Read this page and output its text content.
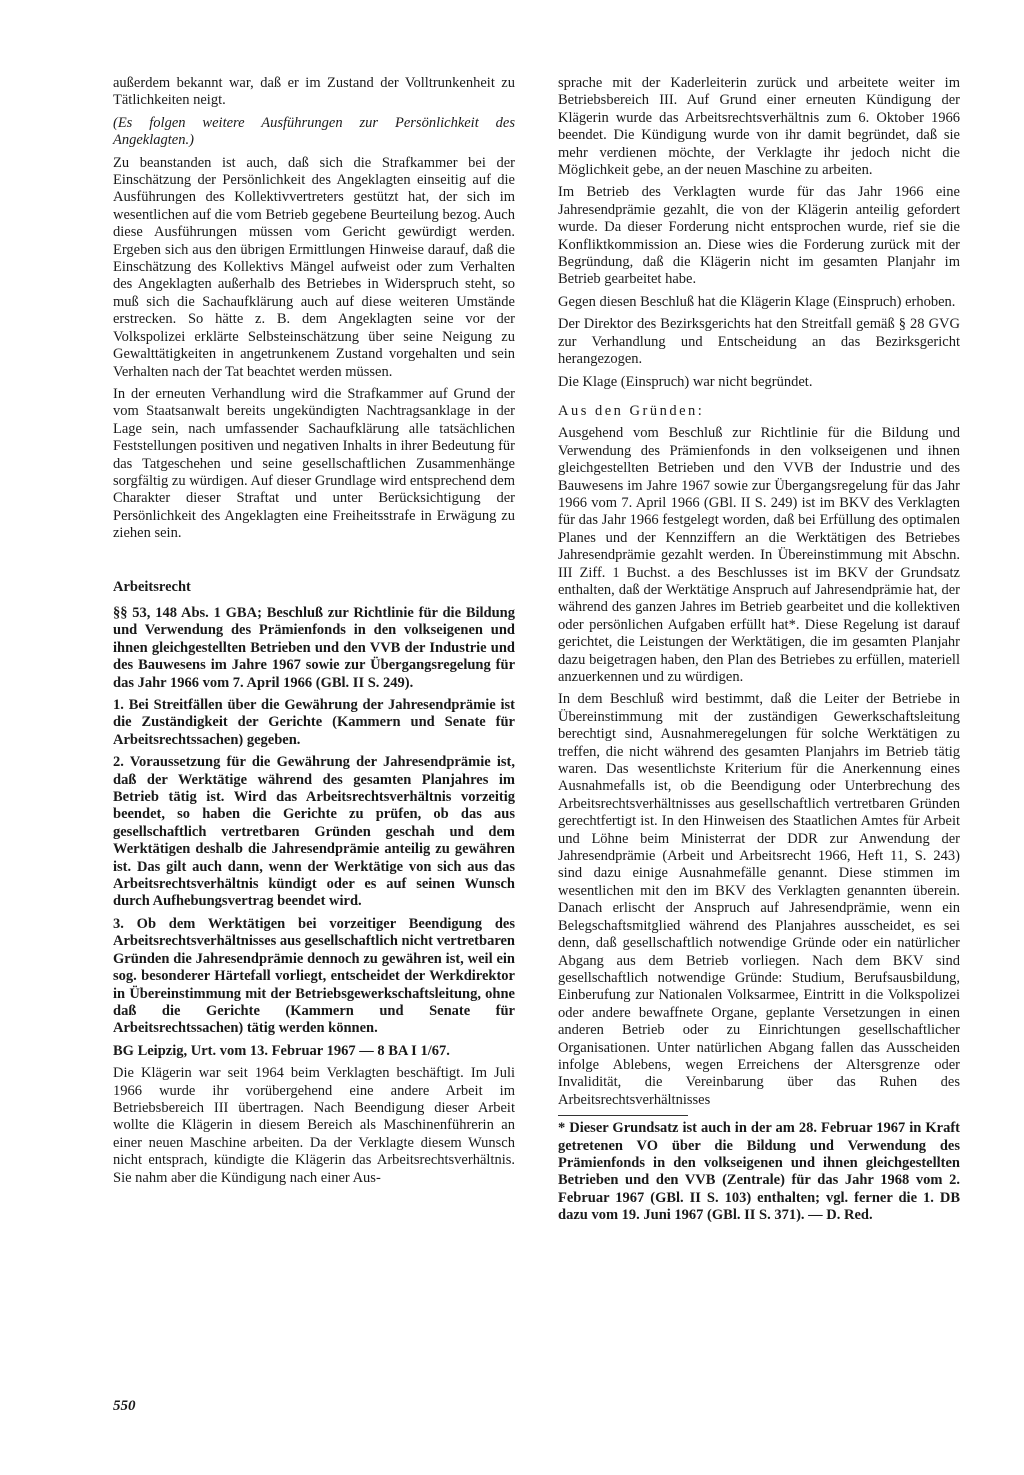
außerdem bekannt war, daß er im Zustand der Volltrunkenheit zu Tätlichkeiten neigt.

(Es folgen weitere Ausführungen zur Persönlichkeit des Angeklagten.)

Zu beanstanden ist auch, daß sich die Strafkammer bei der Einschätzung der Persönlichkeit des Angeklagten einseitig auf die Ausführungen des Kollektivvertreters gestützt hat, der sich im wesentlichen auf die vom Betrieb gegebene Beurteilung bezog. Auch diese Ausführungen müssen vom Gericht gewürdigt werden. Ergeben sich aus den übrigen Ermittlungen Hinweise darauf, daß die Einschätzung des Kollektivs Mängel aufweist oder zum Verhalten des Angeklagten außerhalb des Betriebes in Widerspruch steht, so muß sich die Sachaufklärung auch auf diese weiteren Umstände erstrecken. So hätte z. B. dem Angeklagten seine vor der Volkspolizei erklärte Selbsteinschätzung über seine Neigung zu Gewalttätigkeiten in angetrunkenem Zustand vorgehalten und sein Verhalten nach der Tat beachtet werden müssen.

In der erneuten Verhandlung wird die Strafkammer auf Grund der vom Staatsanwalt bereits ungekündigten Nachtragsanklage in der Lage sein, nach umfassender Sachaufklärung alle tatsächlichen Feststellungen positiven und negativen Inhalts in ihrer Bedeutung für das Tatgeschehen und seine gesellschaftlichen Zusammenhänge sorgfältig zu würdigen. Auf dieser Grundlage wird entsprechend dem Charakter dieser Straftat und unter Berücksichtigung der Persönlichkeit des Angeklagten eine Freiheitsstrafe in Erwägung zu ziehen sein.

Arbeitsrecht

§§ 53, 148 Abs. 1 GBA; Beschluß zur Richtlinie für die Bildung und Verwendung des Prämienfonds in den volkseigenen und ihnen gleichgestellten Betrieben und den VVB der Industrie und des Bauwesens im Jahre 1967 sowie zur Übergangsregelung für das Jahr 1966 vom 7. April 1966 (GBl. II S. 249).

1. Bei Streitfällen über die Gewährung der Jahresendprämie ist die Zuständigkeit der Gerichte (Kammern und Senate für Arbeitsrechtssachen) gegeben.

2. Voraussetzung für die Gewährung der Jahresendprämie ist, daß der Werktätige während des gesamten Planjahres im Betrieb tätig ist. Wird das Arbeitsrechtsverhältnis vorzeitig beendet, so haben die Gerichte zu prüfen, ob das aus gesellschaftlich vertretbaren Gründen geschah und dem Werktätigen deshalb die Jahresendprämie anteilig zu gewähren ist. Das gilt auch dann, wenn der Werktätige von sich aus das Arbeitsrechtsverhältnis kündigt oder es auf seinen Wunsch durch Aufhebungsvertrag beendet wird.

3. Ob dem Werktätigen bei vorzeitiger Beendigung des Arbeitsrechtsverhältnisses aus gesellschaftlich nicht vertretbaren Gründen die Jahresendprämie dennoch zu gewähren ist, weil ein sog. besonderer Härtefall vorliegt, entscheidet der Werkdirektor in Übereinstimmung mit der Betriebsgewerkschaftsleitung, ohne daß die Gerichte (Kammern und Senate für Arbeitsrechtssachen) tätig werden können.

BG Leipzig, Urt. vom 13. Februar 1967 — 8 BA I 1/67.

Die Klägerin war seit 1964 beim Verklagten beschäftigt. Im Juli 1966 wurde ihr vorübergehend eine andere Arbeit im Betriebsbereich III übertragen. Nach Beendigung dieser Arbeit wollte die Klägerin in diesem Bereich als Maschinenführerin an einer neuen Maschine arbeiten. Da der Verklagte diesem Wunsch nicht entsprach, kündigte die Klägerin das Arbeitsrechtsverhältnis. Sie nahm aber die Kündigung nach einer Aus-

sprache mit der Kaderleiterin zurück und arbeitete weiter im Betriebsbereich III. Auf Grund einer erneuten Kündigung der Klägerin wurde das Arbeitsrechtsverhältnis zum 6. Oktober 1966 beendet. Die Kündigung wurde von ihr damit begründet, daß sie mehr verdienen möchte, der Verklagte ihr jedoch nicht die Möglichkeit gebe, an der neuen Maschine zu arbeiten.

Im Betrieb des Verklagten wurde für das Jahr 1966 eine Jahresendprämie gezahlt, die von der Klägerin anteilig gefordert wurde. Da dieser Forderung nicht entsprochen wurde, rief sie die Konfliktkommission an. Diese wies die Forderung zurück mit der Begründung, daß die Klägerin nicht im gesamten Planjahr im Betrieb gearbeitet habe.

Gegen diesen Beschluß hat die Klägerin Klage (Einspruch) erhoben.

Der Direktor des Bezirksgerichts hat den Streitfall gemäß § 28 GVG zur Verhandlung und Entscheidung an das Bezirksgericht herangezogen.

Die Klage (Einspruch) war nicht begründet.

Aus den Gründen:

Ausgehend vom Beschluß zur Richtlinie für die Bildung und Verwendung des Prämienfonds in den volkseigenen und ihnen gleichgestellten Betrieben und den VVB der Industrie und des Bauwesens im Jahre 1967 sowie zur Übergangsregelung für das Jahr 1966 vom 7. April 1966 (GBl. II S. 249) ist im BKV des Verklagten für das Jahr 1966 festgelegt worden, daß bei Erfüllung des optimalen Planes und der Kennziffern an die Werktätigen des Betriebes Jahresendprämie gezahlt werden. In Übereinstimmung mit Abschn. III Ziff. 1 Buchst. a des Beschlusses ist im BKV der Grundsatz enthalten, daß der Werktätige Anspruch auf Jahresendprämie hat, der während des ganzen Jahres im Betrieb gearbeitet und die kollektiven oder persönlichen Aufgaben erfüllt hat*. Diese Regelung ist darauf gerichtet, die Leistungen der Werktätigen, die im gesamten Planjahr dazu beigetragen haben, den Plan des Betriebes zu erfüllen, materiell anzuerkennen und zu würdigen.

In dem Beschluß wird bestimmt, daß die Leiter der Betriebe in Übereinstimmung mit der zuständigen Gewerkschaftsleitung berechtigt sind, Ausnahmeregelungen für solche Werktätigen zu treffen, die nicht während des gesamten Planjahrs im Betrieb tätig waren. Das wesentlichste Kriterium für die Anerkennung eines Ausnahmefalls ist, ob die Beendigung oder Unterbrechung des Arbeitsrechtsverhältnisses aus gesellschaftlich vertretbaren Gründen gerechtfertigt ist. In den Hinweisen des Staatlichen Amtes für Arbeit und Löhne beim Ministerrat der DDR zur Anwendung der Jahresendprämie (Arbeit und Arbeitsrecht 1966, Heft 11, S. 243) sind dazu einige Ausnahmefälle genannt. Diese stimmen im wesentlichen mit den im BKV des Verklagten genannten überein. Danach erlischt der Anspruch auf Jahresendprämie, wenn ein Belegschaftsmitglied während des Planjahres ausscheidet, es sei denn, daß gesellschaftlich notwendige Gründe oder ein natürlicher Abgang aus dem Betrieb vorliegen. Nach dem BKV sind gesellschaftlich notwendige Gründe: Studium, Berufsausbildung, Einberufung zur Nationalen Volksarmee, Eintritt in die Volkspolizei oder andere bewaffnete Organe, geplante Versetzungen in einen anderen Betrieb oder zu Einrichtungen gesellschaftlicher Organisationen. Unter natürlichen Abgang fallen das Ausscheiden infolge Ablebens, wegen Erreichens der Altersgrenze oder Invalidität, die Vereinbarung über das Ruhen des Arbeitsrechtsverhältnisses

* Dieser Grundsatz ist auch in der am 28. Februar 1967 in Kraft getretenen VO über die Bildung und Verwendung des Prämienfonds in den volkseigenen und ihnen gleichgestellten Betrieben und den VVB (Zentrale) für das Jahr 1968 vom 2. Februar 1967 (GBl. II S. 103) enthalten; vgl. ferner die 1. DB dazu vom 19. Juni 1967 (GBl. II S. 371). — D. Red.

550
